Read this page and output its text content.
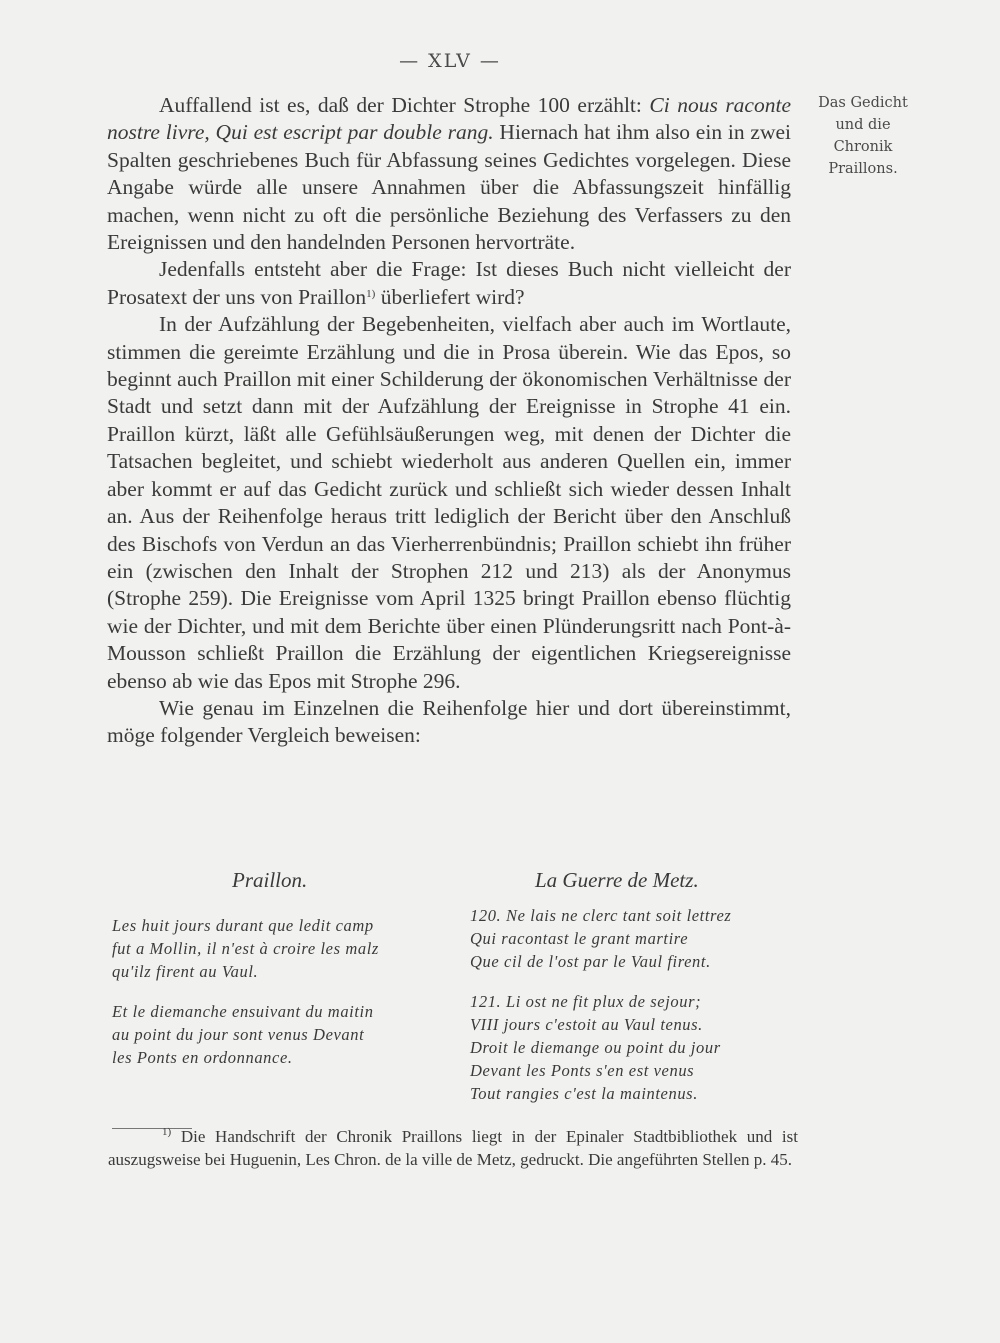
— XLV —
Das Gedicht
und die
Chronik
Praillons.

Auffallend ist es, daß der Dichter Strophe 100 erzählt: Ci nous raconte nostre livre, Qui est escript par double rang. Hiernach hat ihm also ein in zwei Spalten geschriebenes Buch für Abfassung seines Gedichtes vorgelegen. Diese Angabe würde alle unsere Annahmen über die Abfassungszeit hinfällig machen, wenn nicht zu oft die persönliche Beziehung des Verfassers zu den Ereignissen und den handelnden Personen hervorträte.

Jedenfalls entsteht aber die Frage: Ist dieses Buch nicht vielleicht der Prosatext der uns von Praillon$^{1)}$ überliefert wird?

In der Aufzählung der Begebenheiten, vielfach aber auch im Wortlaute, stimmen die gereimte Erzählung und die in Prosa überein. Wie das Epos, so beginnt auch Praillon mit einer Schilderung der ökonomischen Verhältnisse der Stadt und setzt dann mit der Aufzählung der Ereignisse in Strophe 41 ein. Praillon kürzt, läßt alle Gefühlsäußerungen weg, mit denen der Dichter die Tatsachen begleitet, und schiebt wiederholt aus anderen Quellen ein, immer aber kommt er auf das Gedicht zurück und schließt sich wieder dessen Inhalt an. Aus der Reihenfolge heraus tritt lediglich der Bericht über den Anschluß des Bischofs von Verdun an das Vierherrenbündnis; Praillon schiebt ihn früher ein (zwischen den Inhalt der Strophen 212 und 213) als der Anonymus (Strophe 259). Die Ereignisse vom April 1325 bringt Praillon ebenso flüchtig wie der Dichter, und mit dem Berichte über einen Plünderungsritt nach Pont-à-Mousson schließt Praillon die Erzählung der eigentlichen Kriegsereignisse ebenso ab wie das Epos mit Strophe 296.

Wie genau im Einzelnen die Reihenfolge hier und dort übereinstimmt, möge folgender Vergleich beweisen:

Praillon.	La Guerre de Metz.

Les huit jours durant que ledit camp
fut a Mollin, il n'est à croire les malz
qu'ilz firent au Vaul.

Et le diemanche ensuivant du maitin
au point du jour sont venus Devant
les Ponts en ordonnance.

120. Ne lais ne clerc tant soit lettrez
Qui racontast le grant martire
Que cil de l'ost par le Vaul firent.

121. Li ost ne fit plux de sejour;
VIII jours c'estoit au Vaul tenus.
Droit le diemange ou point du jour
Devant les Ponts s'en est venus
Tout rangies c'est la maintenus.

$^{1)}$ Die Handschrift der Chronik Praillons liegt in der Epinaler Stadtbibliothek und ist auszugsweise bei Huguenin, Les Chron. de la ville de Metz, gedruckt. Die angeführten Stellen p. 45.
